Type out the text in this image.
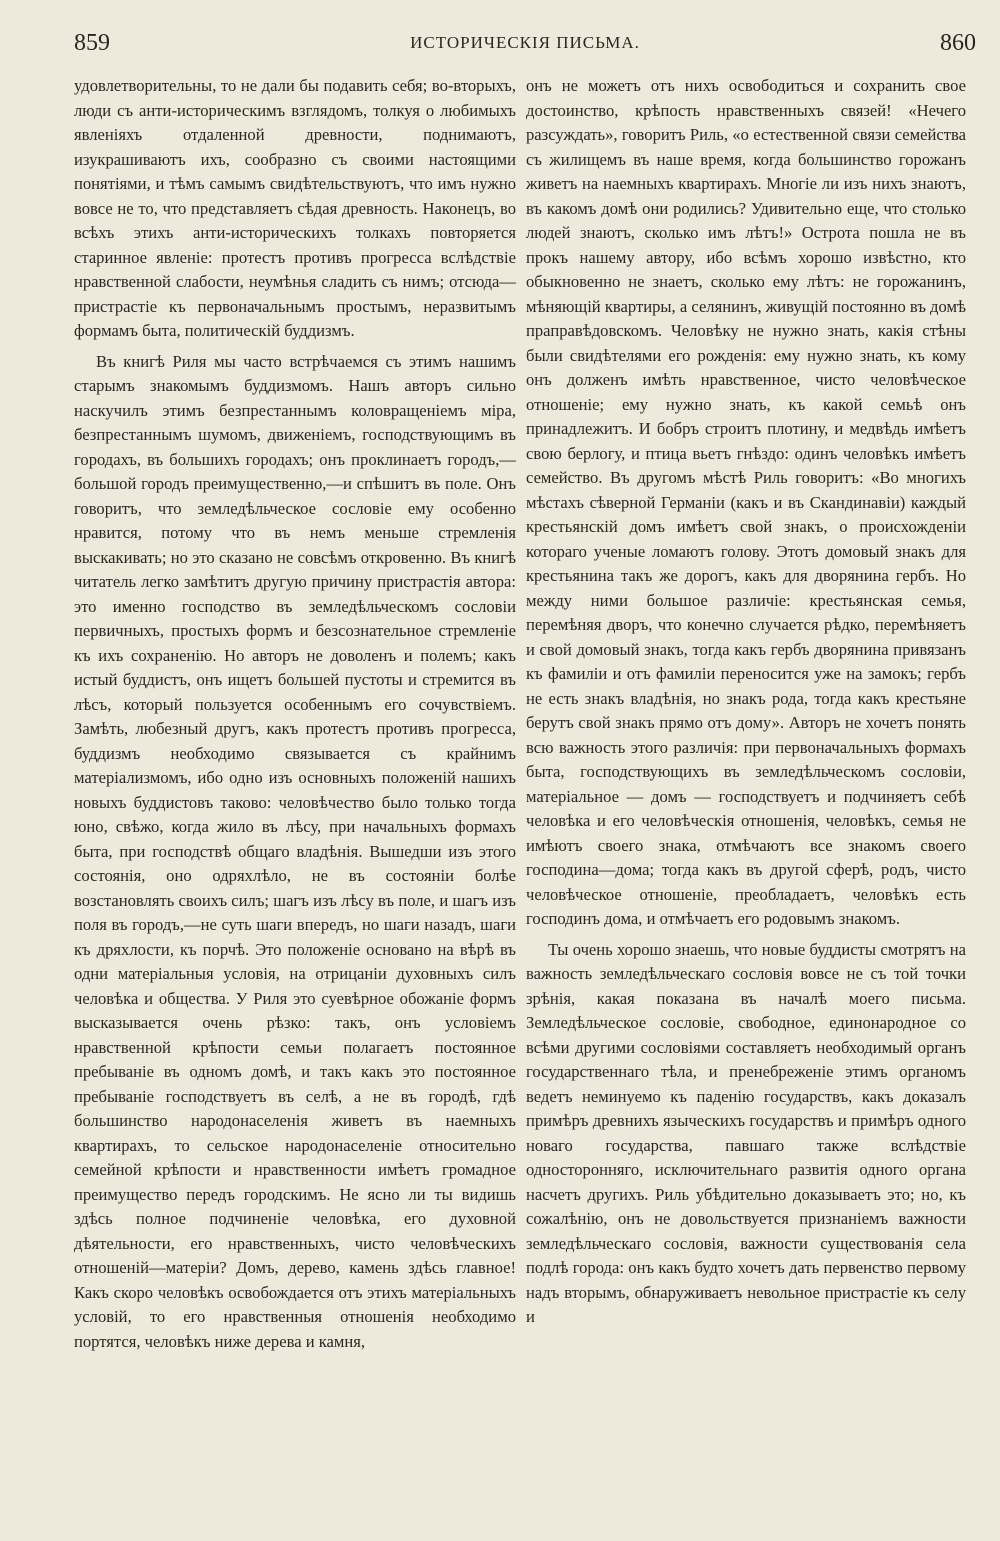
859	ИСТОРИЧЕСКІЯ ПИСЬМА.	860

удовлетворительны, то не дали бы подавить себя; во-вторыхъ, люди съ анти-историческимъ взглядомъ, толкуя о любимыхъ явленіяхъ отдаленной древности, поднимаютъ, изукрашиваютъ ихъ, сообразно съ своими настоящими понятіями, и тѣмъ самымъ свидѣтельствуютъ, что имъ нужно вовсе не то, что представляетъ сѣдая древность. Наконецъ, во всѣхъ этихъ анти-историческихъ толкахъ повторяется старинное явленіе: протестъ противъ прогресса вслѣдствіе нравственной слабости, неумѣнья сладить съ нимъ; отсюда—пристрастіе къ первоначальнымъ простымъ, неразвитымъ формамъ быта, политическій буддизмъ.

Въ книгѣ Риля мы часто встрѣчаемся съ этимъ нашимъ старымъ знакомымъ буддизмомъ. Нашъ авторъ сильно наскучилъ этимъ безпрестаннымъ коловращеніемъ міра, безпрестаннымъ шумомъ, движеніемъ, господствующимъ въ городахъ, въ большихъ городахъ; онъ проклинаетъ городъ,—большой городъ преимущественно,—и спѣшитъ въ поле. Онъ говоритъ, что земледѣльческое сословіе ему особенно нравится, потому что въ немъ меньше стремленія выскакивать; но это сказано не совсѣмъ откровенно. Въ книгѣ читатель легко замѣтитъ другую причину пристрастія автора: это именно господство въ земледѣльческомъ сословіи первичныхъ, простыхъ формъ и безсознательное стремленіе къ ихъ сохраненію. Но авторъ не доволенъ и полемъ; какъ истый буддистъ, онъ ищетъ большей пустоты и стремится въ лѣсъ, который пользуется особеннымъ его сочувствіемъ. Замѣть, любезный другъ, какъ протестъ противъ прогресса, буддизмъ необходимо связывается съ крайнимъ матеріализмомъ, ибо одно изъ основныхъ положеній нашихъ новыхъ буддистовъ таково: человѣчество было только тогда юно, свѣжо, когда жило въ лѣсу, при начальныхъ формахъ быта, при господствѣ общаго владѣнія. Вышедши изъ этого состоянія, оно одряхлѣло, не въ состояніи болѣе возстановлять своихъ силъ; шагъ изъ лѣсу въ поле, и шагъ изъ поля въ городъ,—не суть шаги впередъ, но шаги назадъ, шаги къ дряхлости, къ порчѣ. Это положеніе основано на вѣрѣ въ одни матеріальныя условія, на отрицаніи духовныхъ силъ человѣка и общества. У Риля это суевѣрное обожаніе формъ высказывается очень рѣзко: такъ, онъ условіемъ нравственной крѣпости семьи полагаетъ постоянное пребываніе въ одномъ домѣ, и такъ какъ это постоянное пребываніе господствуетъ въ селѣ, а не въ городѣ, гдѣ большинство народонаселенія живетъ въ наемныхъ квартирахъ, то сельское народонаселеніе относительно семейной крѣпости и нравственности имѣетъ громадное преимущество передъ городскимъ. Не ясно ли ты видишь здѣсь полное подчиненіе человѣка, его духовной дѣятельности, его нравственныхъ, чисто человѣческихъ отношеній—матеріи? Домъ, дерево, камень здѣсь главное! Какъ скоро человѣкъ освобождается отъ этихъ матеріальныхъ условій, то его нравственныя отношенія необходимо портятся, человѣкъ ниже дерева и камня,

онъ не можетъ отъ нихъ освободиться и сохранить свое достоинство, крѣпость нравственныхъ связей! «Нечего разсуждать», говоритъ Риль, «о естественной связи семейства съ жилищемъ въ наше время, когда большинство горожанъ живетъ на наемныхъ квартирахъ. Многіе ли изъ нихъ знаютъ, въ какомъ домѣ они родились? Удивительно еще, что столько людей знаютъ, сколько имъ лѣтъ!» Острота пошла не въ прокъ нашему автору, ибо всѣмъ хорошо извѣстно, кто обыкновенно не знаетъ, сколько ему лѣтъ: не горожанинъ, мѣняющій квартиры, а селянинъ, живущій постоянно въ домѣ праправѣдовскомъ. Человѣку не нужно знать, какія стѣны были свидѣтелями его рожденія: ему нужно знать, къ кому онъ долженъ имѣть нравственное, чисто человѣческое отношеніе; ему нужно знать, къ какой семьѣ онъ принадлежитъ. И бобръ строитъ плотину, и медвѣдь имѣетъ свою берлогу, и птица вьетъ гнѣздо: одинъ человѣкъ имѣетъ семейство. Въ другомъ мѣстѣ Риль говоритъ: «Во многихъ мѣстахъ сѣверной Германіи (какъ и въ Скандинавіи) каждый крестьянскій домъ имѣетъ свой знакъ, о происхожденіи котораго ученые ломаютъ голову. Этотъ домовый знакъ для крестьянина такъ же дорогъ, какъ для дворянина гербъ. Но между ними большое различіе: крестьянская семья, перемѣняя дворъ, что конечно случается рѣдко, перемѣняетъ и свой домовый знакъ, тогда какъ гербъ дворянина привязанъ къ фамиліи и отъ фамиліи переносится уже на замокъ; гербъ не есть знакъ владѣнія, но знакъ рода, тогда какъ крестьяне берутъ свой знакъ прямо отъ дому». Авторъ не хочетъ понять всю важность этого различія: при первоначальныхъ формахъ быта, господствующихъ въ земледѣльческомъ сословіи, матеріальное — домъ — господствуетъ и подчиняетъ себѣ человѣка и его человѣческія отношенія, человѣкъ, семья не имѣютъ своего знака, отмѣчаютъ все знакомъ своего господина—дома; тогда какъ въ другой сферѣ, родъ, чисто человѣческое отношеніе, преобладаетъ, человѣкъ есть господинъ дома, и отмѣчаетъ его родовымъ знакомъ.

Ты очень хорошо знаешь, что новые буддисты смотрятъ на важность земледѣльческаго сословія вовсе не съ той точки зрѣнія, какая показана въ началѣ моего письма. Земледѣльческое сословіе, свободное, единонародное со всѣми другими сословіями составляетъ необходимый органъ государственнаго тѣла, и пренебреженіе этимъ органомъ ведетъ неминуемо къ паденію государствъ, какъ доказалъ примѣръ древнихъ языческихъ государствъ и примѣръ одного новаго государства, павшаго также вслѣдствіе односторонняго, исключительнаго развитія одного органа насчетъ другихъ. Риль убѣдительно доказываетъ это; но, къ сожалѣнію, онъ не довольствуется признаніемъ важности земледѣльческаго сословія, важности существованія села подлѣ города: онъ какъ будто хочетъ дать первенство первому надъ вторымъ, обнаруживаетъ невольное пристрастіе къ селу и
